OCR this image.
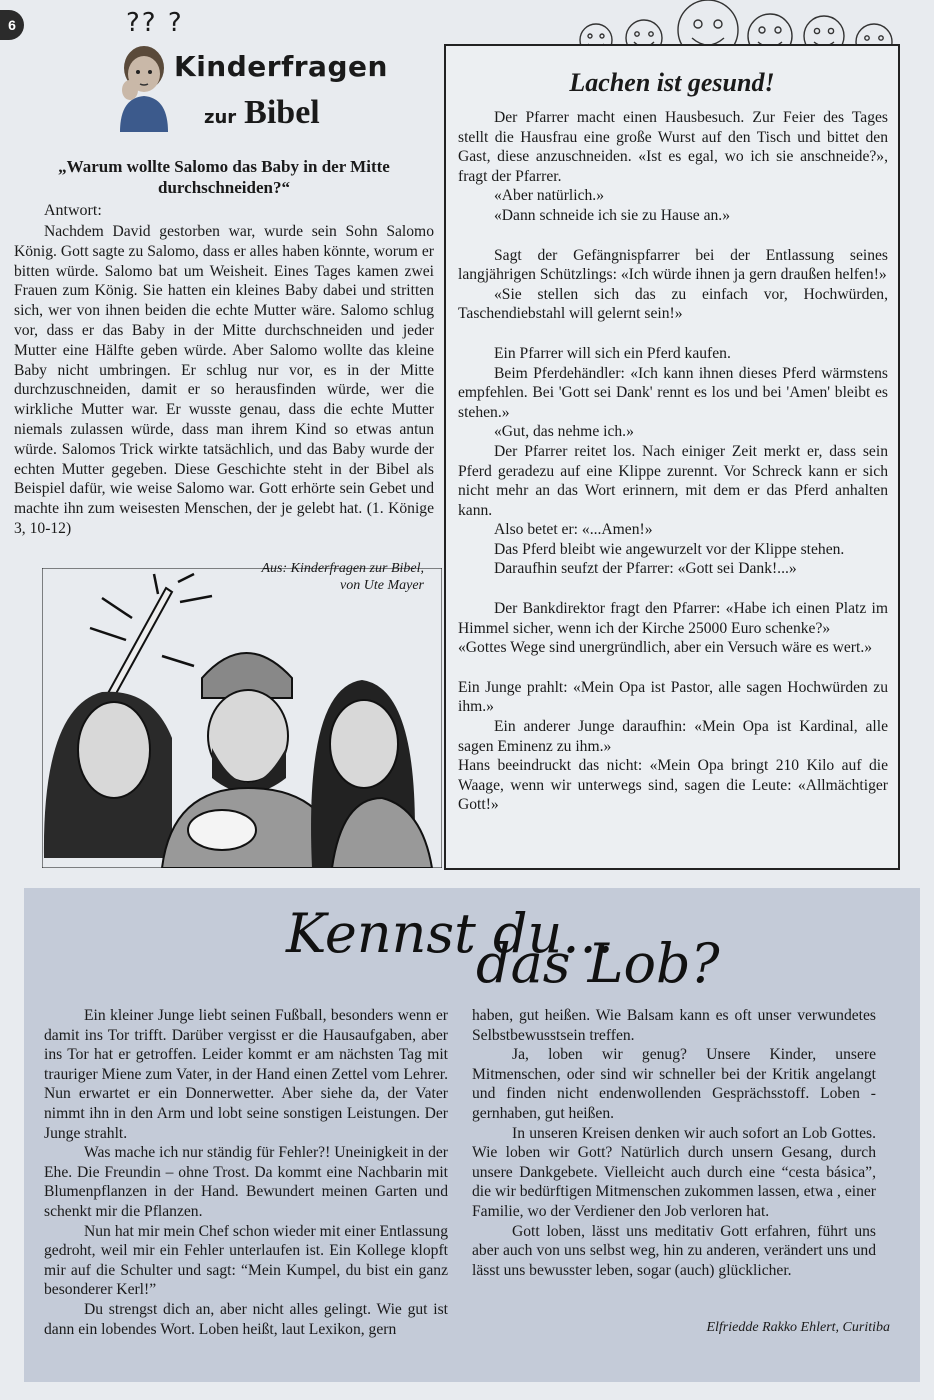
6	?? ?
Kinderfragen
zur Bibel
„Warum wollte Salomo das Baby in der Mitte durchschneiden?“
Antwort:

Nachdem David gestorben war, wurde sein Sohn Salomo König. Gott sagte zu Salomo, dass er alles haben könnte, worum er bitten würde. Salomo bat um Weisheit. Eines Tages kamen zwei Frauen zum König. Sie hatten ein kleines Baby dabei und stritten sich, wer von ihnen beiden die echte Mutter wäre. Salomo schlug vor, dass er das Baby in der Mitte durchschneiden und jeder Mutter eine Hälfte geben würde. Aber Salomo wollte das kleine Baby nicht umbringen. Er schlug nur vor, es in der Mitte durchzuschneiden, damit er so herausfinden würde, wer die wirkliche Mutter war. Er wusste genau, dass die echte Mutter niemals zulassen würde, dass man ihrem Kind so etwas antun würde. Salomos Trick wirkte tatsächlich, und das Baby wurde der echten Mutter gegeben. Diese Geschichte steht in der Bibel als Beispiel dafür, wie weise Salomo war. Gott erhörte sein Gebet und machte ihn zum weisesten Menschen, der je gelebt hat. (1. Könige 3, 10-12)

Aus: Kinderfragen zur Bibel,
von Ute Mayer
Lachen ist gesund!

Der Pfarrer macht einen Hausbesuch. Zur Feier des Tages stellt die Hausfrau eine große Wurst auf den Tisch und bittet den Gast, diese anzuschneiden. «Ist es egal, wo ich sie anschneide?», fragt der Pfarrer.

«Aber natürlich.»

«Dann schneide ich sie zu Hause an.»

Sagt der Gefängnispfarrer bei der Entlassung seines langjährigen Schützlings: «Ich würde ihnen ja gern draußen helfen!»

«Sie stellen sich das zu einfach vor, Hochwürden, Taschendiebstahl will gelernt sein!»

Ein Pfarrer will sich ein Pferd kaufen.

Beim Pferdehändler: «Ich kann ihnen dieses Pferd wärmstens empfehlen. Bei 'Gott sei Dank' rennt es los und bei 'Amen' bleibt es stehen.»

«Gut, das nehme ich.»

Der Pfarrer reitet los. Nach einiger Zeit merkt er, dass sein Pferd geradezu auf eine Klippe zurennt. Vor Schreck kann er sich nicht mehr an das Wort erinnern, mit dem er das Pferd anhalten kann.

Also betet er: «...Amen!»

Das Pferd bleibt wie angewurzelt vor der Klippe stehen.

Daraufhin seufzt der Pfarrer: «Gott sei Dank!...»

Der Bankdirektor fragt den Pfarrer: «Habe ich einen Platz im Himmel sicher, wenn ich der Kirche 25000 Euro schenke?»

«Gottes Wege sind unergründlich, aber ein Versuch wäre es wert.»

Ein Junge prahlt: «Mein Opa ist Pastor, alle sagen Hochwürden zu ihm.»

Ein anderer Junge daraufhin: «Mein Opa ist Kardinal, alle sagen Eminenz zu ihm.»

Hans beeindruckt das nicht: «Mein Opa bringt 210 Kilo auf die Waage, wenn wir unterwegs sind, sagen die Leute: «Allmächtiger Gott!»

Kennst du...
das Lob?

Ein kleiner Junge liebt seinen Fußball, besonders wenn er damit ins Tor trifft. Darüber vergisst er die Hausaufgaben, aber ins Tor hat er getroffen. Leider kommt er am nächsten Tag mit trauriger Miene zum Vater, in der Hand einen Zettel vom Lehrer. Nun erwartet er ein Donnerwetter. Aber siehe da, der Vater nimmt ihn in den Arm und lobt seine sonstigen Leistungen. Der Junge strahlt.

Was mache ich nur ständig für Fehler?! Uneinigkeit in der Ehe. Die Freundin – ohne Trost. Da kommt eine Nachbarin mit Blumenpflanzen in der Hand. Bewundert meinen Garten und schenkt mir die Pflanzen.

Nun hat mir mein Chef schon wieder mit einer Entlassung gedroht, weil mir ein Fehler unterlaufen ist. Ein Kollege klopft mir auf die Schulter und sagt: “Mein Kumpel, du bist ein ganz besonderer Kerl!”

Du strengst dich an, aber nicht alles gelingt. Wie gut ist dann ein lobendes Wort. Loben heißt, laut Lexikon, gern

haben, gut heißen. Wie Balsam kann es oft unser verwundetes Selbstbewusstsein treffen.

Ja, loben wir genug? Unsere Kinder, unsere Mitmenschen, oder sind wir schneller bei der Kritik angelangt und finden nicht endenwollenden Gesprächsstoff. Loben - gernhaben, gut heißen.

In unseren Kreisen denken wir auch sofort an Lob Gottes. Wie loben wir Gott? Natürlich durch unsern Gesang, durch unsere Dankgebete. Vielleicht auch durch eine “cesta básica”, die wir bedürftigen Mitmenschen zukommen lassen, etwa , einer Familie, wo der Verdiener den Job verloren hat.

Gott loben, lässt uns meditativ Gott erfahren, führt uns aber auch von uns selbst weg, hin zu anderen, verändert uns und lässt uns bewusster leben, sogar (auch) glücklicher.

Elfriedde Rakko Ehlert, Curitiba
